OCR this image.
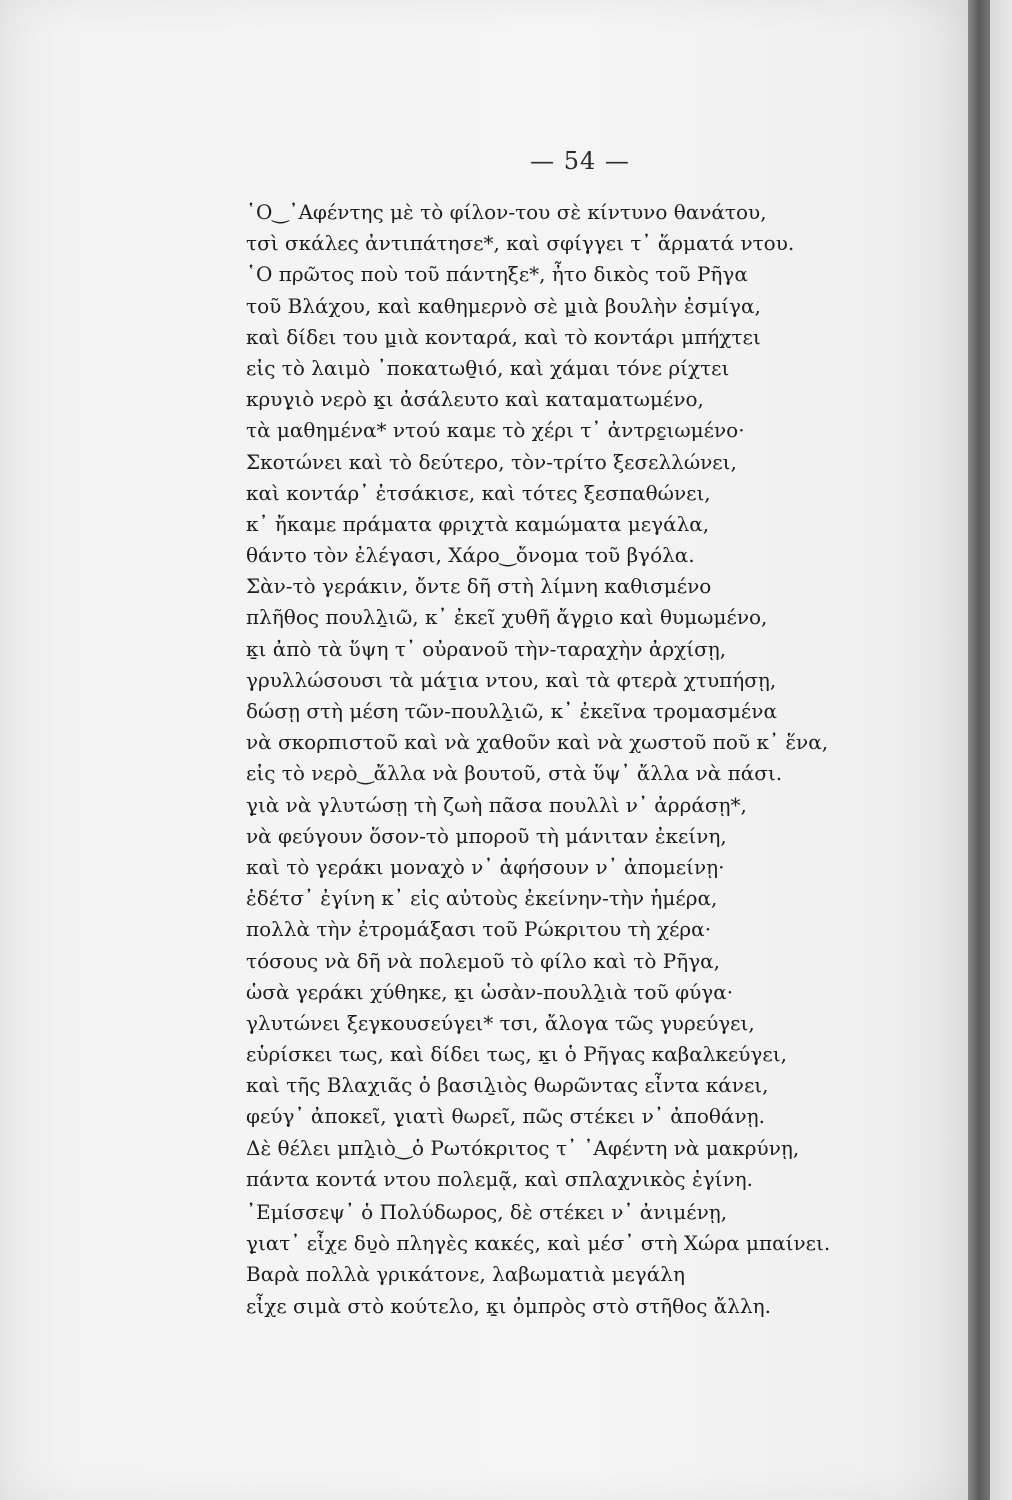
— 54 —
῾Ο‿᾿Αφέντης μὲ τὸ φίλον-του σὲ κίντυνο θανάτου,
τσὶ σκάλες ἀντιπάτησε*, καὶ σφίγγει τ᾿ ἅρματά ντου.
῾Ο πρῶτος ποὺ τοῦ πάντηξε*, ἦτο δικὸς τοῦ Ρῆγα
τοῦ Βλάχου, καὶ καθημερνὸ σὲ μ̱ιὰ βουλὴν ἐσμίγα,
καὶ δίδει του μ̱ιὰ κονταρά, καὶ τὸ κοντάρι μπήχτει
εἰς τὸ λαιμὸ ᾿ποκατωθ̱ιό, καὶ χάμαι τόνε ρίχτει
κρυγ̱ιὸ νερὸ κ̱ι ἀσάλευτο καὶ καταματωμένο,
τὰ μαθημένα* ντού καμε τὸ χέρι τ᾿ ἀντρε̱ιωμένο·
Σκοτώνει καὶ τὸ δεύτερο, τὸν-τρίτο ξεσελλώνει,
καὶ κοντάρ᾿ ἐτσάκισε, καὶ τότες ξεσπαθώνει,
κ᾿ ἤκαμε πράματα φριχτὰ καμώματα μεγάλα,
θάντο τὸν ἐλέγασι, Χάρο‿ὄνομα τοῦ βγόλα.
Σὰν-τὸ γεράκιν, ὄντε δῆ στὴ λίμνη καθισμένο
πλῆθος πουλλ̱ιῶ, κ᾿ ἐκεῖ χυθῆ ἄγρ̱ιο καὶ θυμωμένο,
κ̱ι ἀπὸ τὰ ὕψη τ᾿ οὐρανοῦ τὴν-ταραχὴν ἀρχίσῃ,
γρυλλώσουσι τὰ μάτ̱ια ντου, καὶ τὰ φτερὰ χτυπήσῃ,
δώσῃ στὴ μέση τῶν-πουλλ̱ιῶ, κ᾿ ἐκεῖνα τρομασμένα
νὰ σκορπιστοῦ καὶ νὰ χαθοῦν καὶ νὰ χωστοῦ ποῦ κ᾿ ἕνα,
εἰς τὸ νερὸ‿ἄλλα νὰ βουτοῦ, στὰ ὕψ᾿ ἄλλα νὰ πάσι.
γ̱ιὰ νὰ γλυτώσῃ τὴ ζωὴ πᾶσα πουλλὶ ν᾿ ἀρράσῃ*,
νὰ φεύγουν ὅσον-τὸ μποροῦ τὴ μάνιταν ἐκείνη,
καὶ τὸ γεράκι μοναχὸ ν᾿ ἀφήσουν ν᾿ ἀπομείνῃ·
ἐδέτσ᾿ ἐγίνη κ᾿ εἰς αὐτοὺς ἐκείνην-τὴν ἡμέρα,
πολλὰ τὴν ἐτρομάξασι τοῦ Ρώκριτου τὴ χέρα·
τόσους νὰ δῆ νὰ πολεμοῦ τὸ φίλο καὶ τὸ Ρῆγα,
ὡσὰ γεράκι χύθηκε, κ̱ι ὡσὰν-πουλλ̱ιὰ τοῦ φύγα·
γλυτώνει ξεγκουσεύγει* τσι, ἄλογα τῶς γυρεύγει,
εὑρίσκει τως, καὶ δίδει τως, κ̱ι ὁ Ρῆγας καβαλκεύγει,
καὶ τῆς Βλαχιᾶς ὁ βασιλ̱ιὸς θωρῶντας εἶντα κάνει,
φεύγ᾿ ἀποκεῖ, γ̱ιατὶ θωρεῖ, πῶς στέκει ν᾿ ἀποθάνῃ.
Δὲ θέλει μπλ̱ιὸ‿ὁ Ρωτόκριτος τ᾿ ᾿Αφέντη νὰ μακρύνῃ,
πάντα κοντά ντου πολεμᾷ, καὶ σπλαχνικὸς ἐγίνη.
᾿Εμίσσεψ᾿ ὁ Πολύδωρος, δὲ στέκει ν᾿ ἀνιμένῃ,
γ̱ιατ᾿ εἶχε δυ̱ὸ πληγὲς κακές, καὶ μέσ᾿ στὴ Χώρα μπαίνει.
Βαρὰ πολλὰ γρικάτονε, λαβωματιὰ μεγάλη
εἶχε σιμὰ στὸ κούτελο, κ̱ι ὀμπρὸς στὸ στῆθος ἄλλη.
